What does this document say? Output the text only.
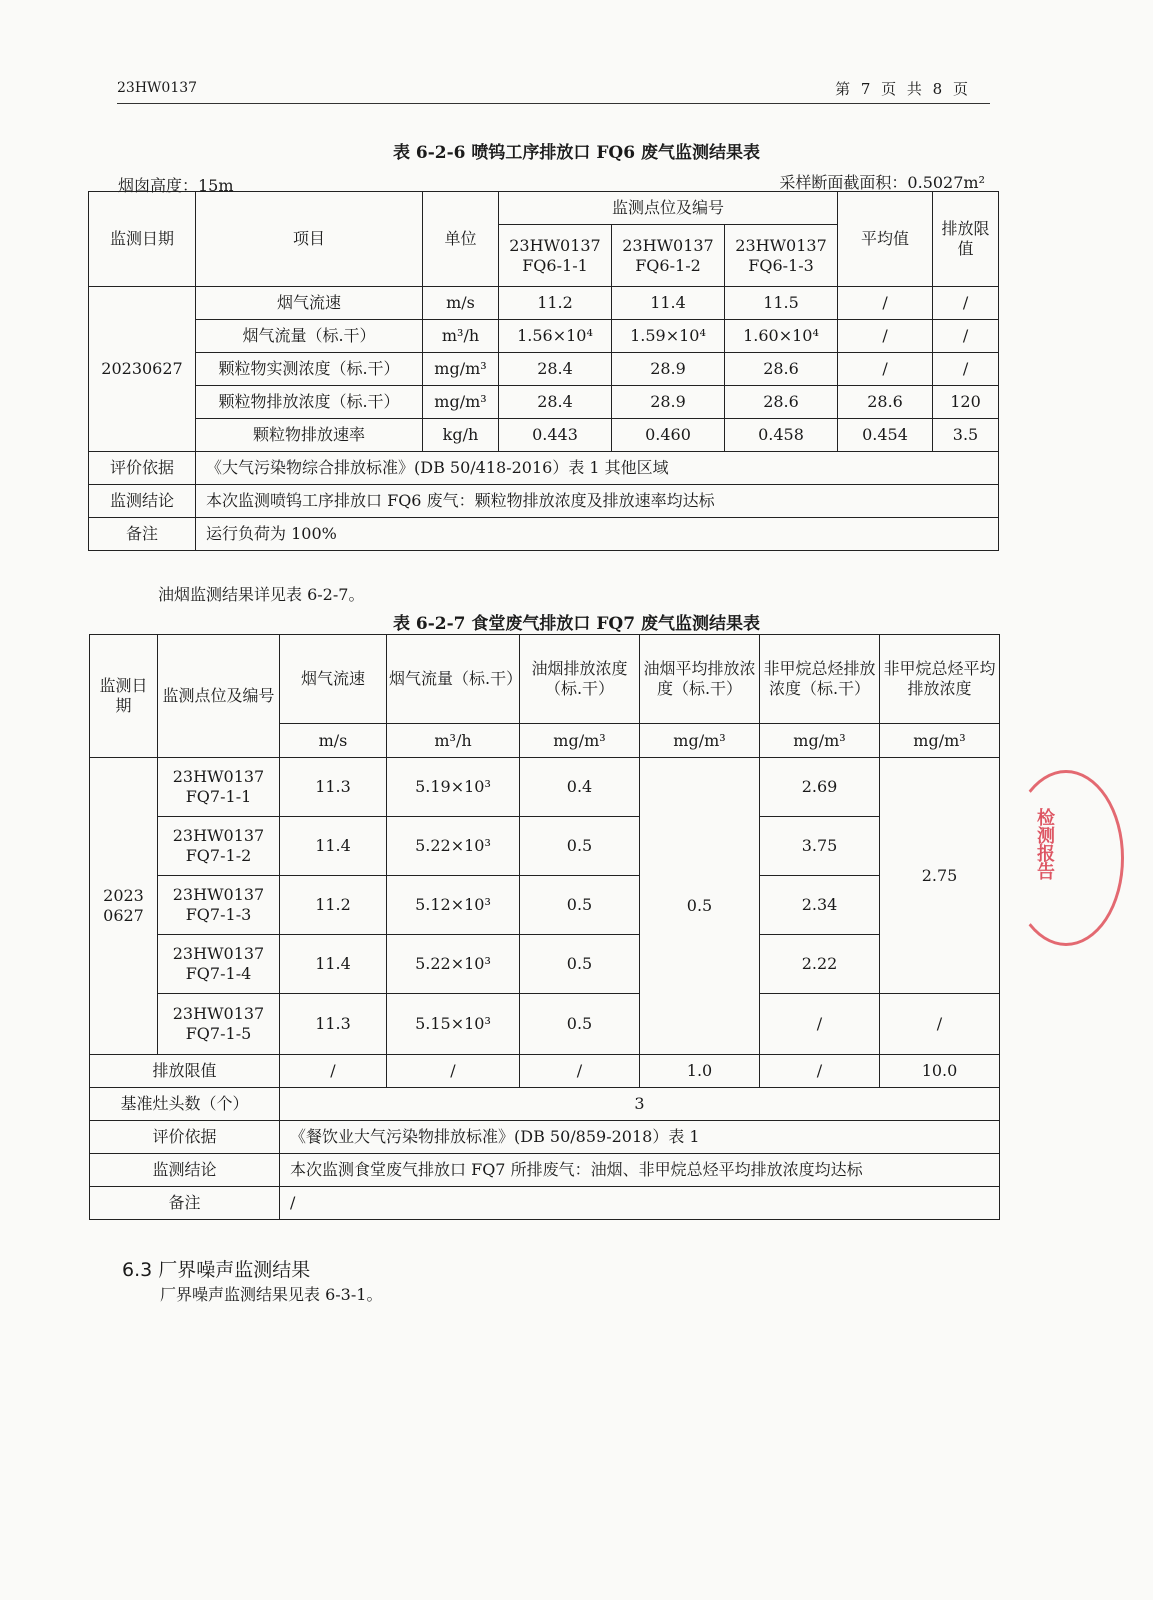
23HW0137	第 7 页 共 8 页
表 6-2-6 喷钨工序排放口 FQ6 废气监测结果表
烟囱高度：15m	采样断面截面积：0.5027m²
监测日期	项目	单位	监测点位及编号			平均值	排放限值
			23HW0137 FQ6-1-1	23HW0137 FQ6-1-2	23HW0137 FQ6-1-3		
20230627	烟气流速	m/s	11.2	11.4	11.5	/	/
	烟气流量（标.干）	m³/h	1.56×10⁴	1.59×10⁴	1.60×10⁴	/	/
	颗粒物实测浓度（标.干）	mg/m³	28.4	28.9	28.6	/	/
	颗粒物排放浓度（标.干）	mg/m³	28.4	28.9	28.6	28.6	120
	颗粒物排放速率	kg/h	0.443	0.460	0.458	0.454	3.5
评价依据	《大气污染物综合排放标准》(DB 50/418-2016）表 1 其他区域						
监测结论	本次监测喷钨工序排放口 FQ6 废气：颗粒物排放浓度及排放速率均达标						
备注	运行负荷为 100%						
油烟监测结果详见表 6-2-7。
表 6-2-7 食堂废气排放口 FQ7 废气监测结果表
监测日期	监测点位及编号	烟气流速	烟气流量（标.干）	油烟排放浓度（标.干）	油烟平均排放浓度（标.干）	非甲烷总烃排放浓度（标.干）	非甲烷总烃平均排放浓度
		m/s	m³/h	mg/m³	mg/m³	mg/m³	mg/m³
2023 0627	23HW0137 FQ7-1-1	11.3	5.19×10³	0.4	0.5	2.69	2.75
	23HW0137 FQ7-1-2	11.4	5.22×10³	0.5		3.75	
	23HW0137 FQ7-1-3	11.2	5.12×10³	0.5		2.34	
	23HW0137 FQ7-1-4	11.4	5.22×10³	0.5		2.22	
	23HW0137 FQ7-1-5	11.3	5.15×10³	0.5		/	/
排放限值		/	/	/	1.0	/	10.0
基准灶头数（个）		3					
评价依据		《餐饮业大气污染物排放标准》(DB 50/859-2018）表 1					
监测结论		本次监测食堂废气排放口 FQ7 所排废气：油烟、非甲烷总烃平均排放浓度均达标					
备注		/					
6.3 厂界噪声监测结果
厂界噪声监测结果见表 6-3-1。
检测报告
